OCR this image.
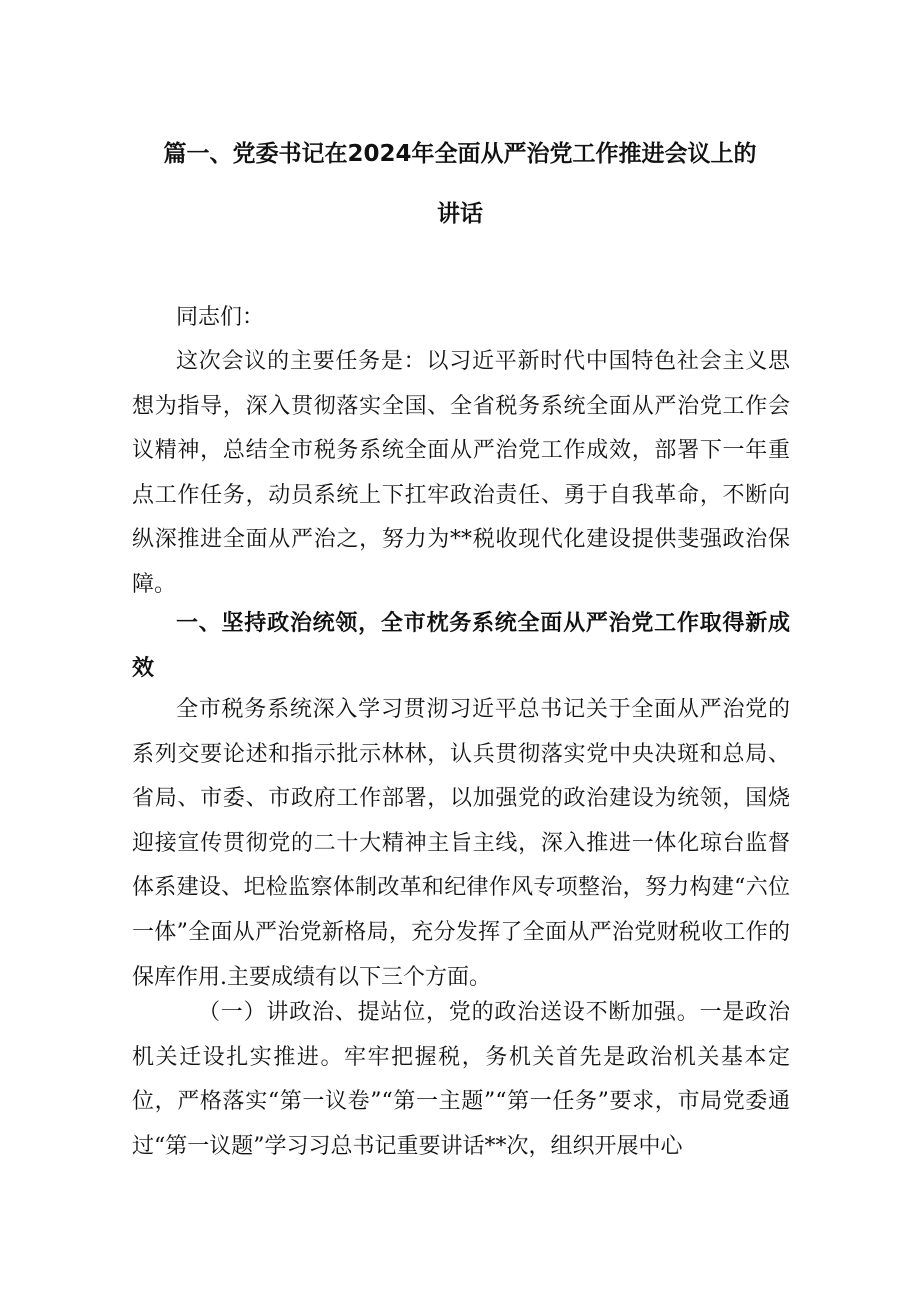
篇一、党委书记在2024年全面从严治党工作推进会议上的
讲话

同志们：

这次会议的主要任务是：以习近平新时代中国特色社会主义思想为指导，深入贯彻落实全国、全省税务系统全面从严治党工作会议精神，总结全市税务系统全面从严治党工作成效，部署下一年重点工作任务，动员系统上下扛牢政治责任、勇于自我革命，不断向纵深推进全面从严治之，努力为**税收现代化建设提供斐强政治保障。

一、坚持政治统领，全市枕务系统全面从严治党工作取得新成效

全市税务系统深入学习贯沏习近平总书记关于全面从严治党的系列交要论述和指示批示林林，认兵贯彻落实党中央决斑和总局、省局、市委、市政府工作部署，以加强党的政治建设为统领，国烧迎接宣传贯彻党的二十大精神主旨主线，深入推进一体化琼台监督体系建设、圯检监察体制改革和纪律作风专项整治，努力构建“六位一体”全面从严治党新格局，充分发挥了全面从严治党财税收工作的保库作用.主要成绩有以下三个方面。

（一）讲政治、提站位，党的政治送设不断加强。一是政治机关迁设扎实推进。牢牢把握税，务机关首先是政治机关基本定位，严格落实“第一议卷”“第一主题”“第一任务”要求，市局党委通过“第一议题”学习习总书记重要讲话**次，组织开展中心
